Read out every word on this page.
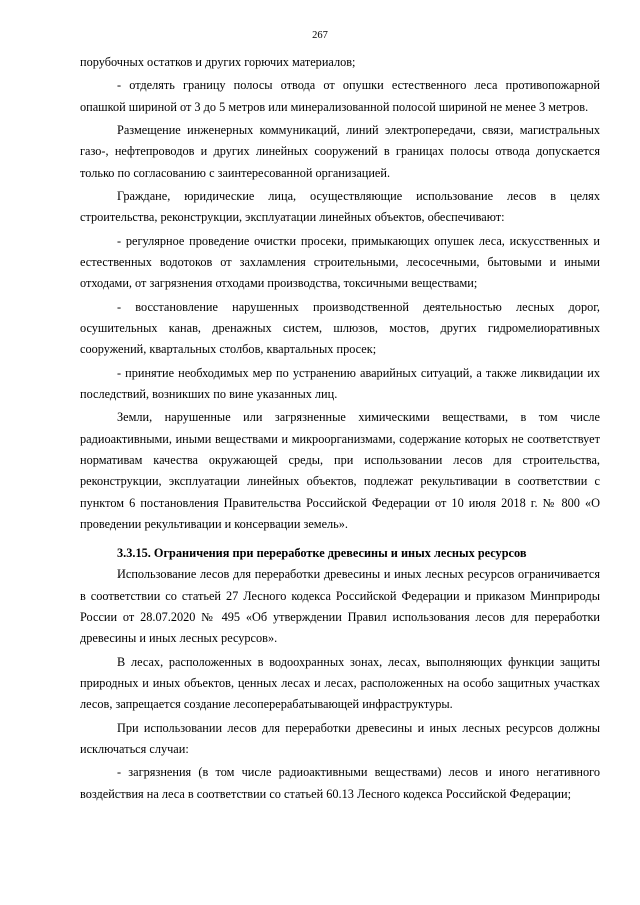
267

порубочных остатков и других горючих материалов;

- отделять границу полосы отвода от опушки естественного леса противопожарной опашкой шириной от 3 до 5 метров или минерализованной полосой шириной не менее 3 метров.

Размещение инженерных коммуникаций, линий электропередачи, связи, магистральных газо-, нефтепроводов и других линейных сооружений в границах полосы отвода допускается только по согласованию с заинтересованной организацией.

Граждане, юридические лица, осуществляющие использование лесов в целях строительства, реконструкции, эксплуатации линейных объектов, обеспечивают:

- регулярное проведение очистки просеки, примыкающих опушек леса, искусственных и естественных водотоков от захламления строительными, лесосечными, бытовыми и иными отходами, от загрязнения отходами производства, токсичными веществами;

- восстановление нарушенных производственной деятельностью лесных дорог, осушительных канав, дренажных систем, шлюзов, мостов, других гидромелиоративных сооружений, квартальных столбов, квартальных просек;

- принятие необходимых мер по устранению аварийных ситуаций, а также ликвидации их последствий, возникших по вине указанных лиц.

Земли, нарушенные или загрязненные химическими веществами, в том числе радиоактивными, иными веществами и микроорганизмами, содержание которых не соответствует нормативам качества окружающей среды, при использовании лесов для строительства, реконструкции, эксплуатации линейных объектов, подлежат рекультивации в соответствии с пунктом 6 постановления Правительства Российской Федерации от 10 июля 2018 г. № 800 «О проведении рекультивации и консервации земель».

3.3.15. Ограничения при переработке древесины и иных лесных ресурсов

Использование лесов для переработки древесины и иных лесных ресурсов ограничивается в соответствии со статьей 27 Лесного кодекса Российской Федерации и приказом Минприроды России от 28.07.2020 № 495 «Об утверждении Правил использования лесов для переработки древесины и иных лесных ресурсов».

В лесах, расположенных в водоохранных зонах, лесах, выполняющих функции защиты природных и иных объектов, ценных лесах и лесах, расположенных на особо защитных участках лесов, запрещается создание лесоперерабатывающей инфраструктуры.

При использовании лесов для переработки древесины и иных лесных ресурсов должны исключаться случаи:

- загрязнения (в том числе радиоактивными веществами) лесов и иного негативного воздействия на леса в соответствии со статьей 60.13 Лесного кодекса Российской Федерации;
